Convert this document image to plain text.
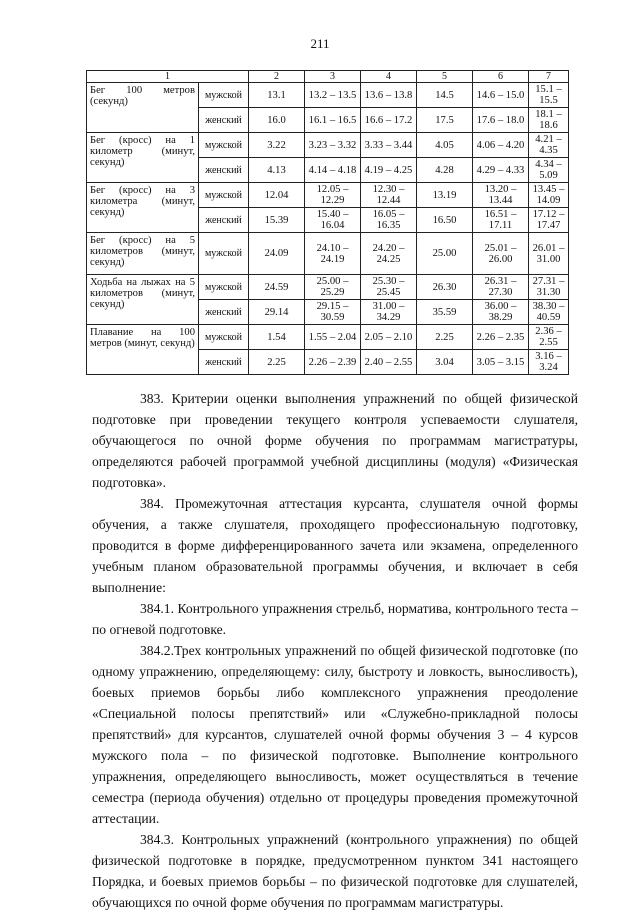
211
1		2	3	4	5	6	7
Бег 100 метров (секунд)	мужской	13.1	13.2 – 13.5	13.6 – 13.8	14.5	14.6 – 15.0	15.1 – 15.5
	женский	16.0	16.1 – 16.5	16.6 – 17.2	17.5	17.6 – 18.0	18.1 – 18.6
Бег (кросс) на 1 километр (минут, секунд)	мужской	3.22	3.23 – 3.32	3.33 – 3.44	4.05	4.06 – 4.20	4.21 – 4.35
	женский	4.13	4.14 – 4.18	4.19 – 4.25	4.28	4.29 – 4.33	4.34 – 5.09
Бег (кросс) на 3 километра (минут, секунд)	мужской	12.04	12.05 – 12.29	12.30 – 12.44	13.19	13.20 – 13.44	13.45 – 14.09
	женский	15.39	15.40 – 16.04	16.05 – 16.35	16.50	16.51 – 17.11	17.12 – 17.47
Бег (кросс) на 5 километров (минут, секунд)	мужской	24.09	24.10 – 24.19	24.20 – 24.25	25.00	25.01 – 26.00	26.01 – 31.00
Ходьба на лыжах на 5 километров (минут, секунд)	мужской	24.59	25.00 – 25.29	25.30 – 25.45	26.30	26.31 – 27.30	27.31 – 31.30
	женский	29.14	29.15 – 30.59	31.00 – 34.29	35.59	36.00 – 38.29	38.30 – 40.59
Плавание на 100 метров (минут, секунд)	мужской	1.54	1.55 – 2.04	2.05 – 2.10	2.25	2.26 – 2.35	2.36 – 2.55
	женский	2.25	2.26 – 2.39	2.40 – 2.55	3.04	3.05 – 3.15	3.16 – 3.24

383. Критерии оценки выполнения упражнений по общей физической подготовке при проведении текущего контроля успеваемости слушателя, обучающегося по очной форме обучения по программам магистратуры, определяются рабочей программой учебной дисциплины (модуля) «Физическая подготовка».

384. Промежуточная аттестация курсанта, слушателя очной формы обучения, а также слушателя, проходящего профессиональную подготовку, проводится в форме дифференцированного зачета или экзамена, определенного учебным планом образовательной программы обучения, и включает в себя выполнение:

384.1. Контрольного упражнения стрельб, норматива, контрольного теста – по огневой подготовке.

384.2.Трех контрольных упражнений по общей физической подготовке (по одному упражнению, определяющему: силу, быстроту и ловкость, выносливость), боевых приемов борьбы либо комплексного упражнения преодоление «Специальной полосы препятствий» или «Служебно-прикладной полосы препятствий» для курсантов, слушателей очной формы обучения 3 – 4 курсов мужского пола – по физической подготовке. Выполнение контрольного упражнения, определяющего выносливость, может осуществляться в течение семестра (периода обучения) отдельно от процедуры проведения промежуточной аттестации.

384.3. Контрольных упражнений (контрольного упражнения) по общей физической подготовке в порядке, предусмотренном пунктом 341 настоящего Порядка, и боевых приемов борьбы – по физической подготовке для слушателей, обучающихся по очной форме обучения по программам магистратуры.
